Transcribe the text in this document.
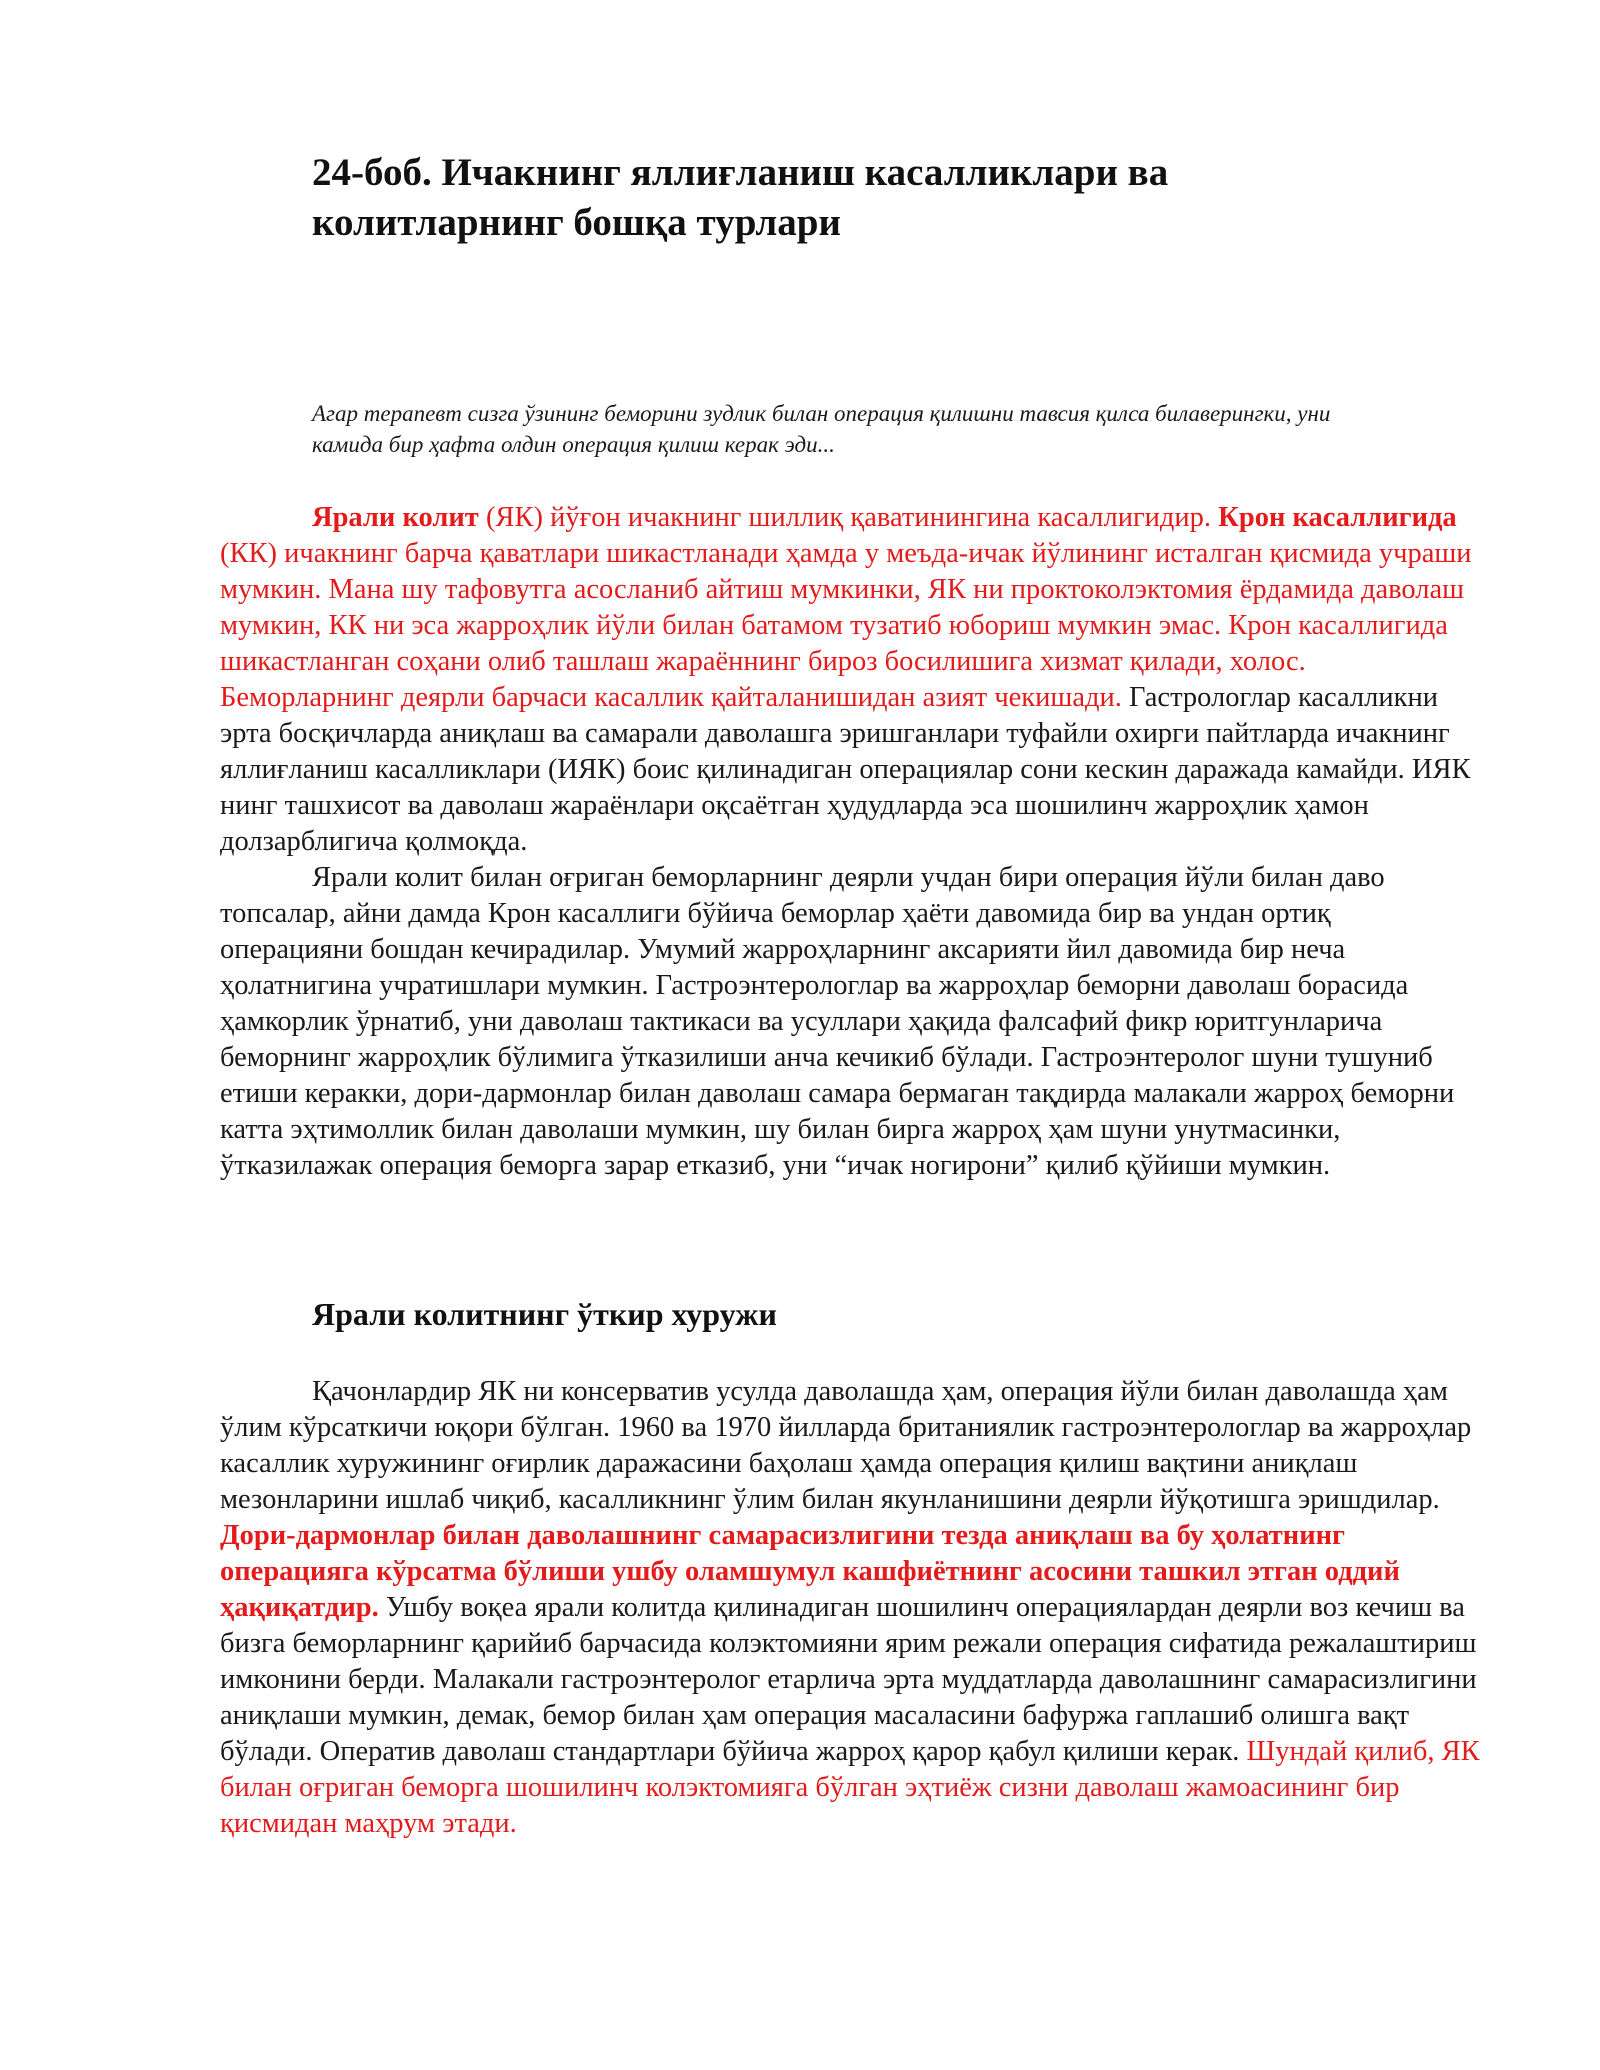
24-боб. Ичакнинг яллиғланиш касалликлари ва
колитларнинг бошқа турлари
Агар терапевт сизга ўзининг беморини зудлик билан операция қилишни тавсия қилса билаверингки, уни
камида бир ҳафта олдин операция қилиш керак эди...

Ярали колит (ЯК) йўғон ичакнинг шиллиқ қаватинингина касаллигидир. Крон касаллигида (КК) ичакнинг барча қаватлари шикастланади ҳамда у меъда-ичак йўлининг исталган қисмида учраши мумкин. Мана шу тафовутга асосланиб айтиш мумкинки, ЯК ни проктоколэктомия ёрдамида даволаш мумкин, КК ни эса жарроҳлик йўли билан батамом тузатиб юбориш мумкин эмас. Крон касаллигида шикастланган соҳани олиб ташлаш жараённинг бироз босилишига хизмат қилади, холос. Беморларнинг деярли барчаси касаллик қайталанишидан азият чекишади. Гастрологлар касалликни эрта босқичларда аниқлаш ва самарали даволашга эришганлари туфайли охирги пайтларда ичакнинг яллиғланиш касалликлари (ИЯК) боис қилинадиган операциялар сони кескин даражада камайди. ИЯК нинг ташхисот ва даволаш жараёнлари оқсаётган ҳудудларда эса шошилинч жарроҳлик ҳамон долзарблигича қолмоқда.

Ярали колит билан оғриган беморларнинг деярли учдан бири операция йўли билан даво топсалар, айни дамда Крон касаллиги бўйича беморлар ҳаёти давомида бир ва ундан ортиқ операцияни бошдан кечирадилар. Умумий жарроҳларнинг аксарияти йил давомида бир неча ҳолатнигина учратишлари мумкин. Гастроэнтерологлар ва жарроҳлар беморни даволаш борасида ҳамкорлик ўрнатиб, уни даволаш тактикаси ва усуллари ҳақида фалсафий фикр юритгунларича беморнинг жарроҳлик бўлимига ўтказилиши анча кечикиб бўлади. Гастроэнтеролог шуни тушуниб етиши керакки, дори-дармонлар билан даволаш самара бермаган тақдирда малакали жарроҳ беморни катта эҳтимоллик билан даволаши мумкин, шу билан бирга жарроҳ ҳам шуни унутмасинки, ўтказилажак операция беморга зарар етказиб, уни “ичак ногирони” қилиб қўйиши мумкин.

Ярали колитнинг ўткир хуружи

Қачонлардир ЯК ни консерватив усулда даволашда ҳам, операция йўли билан даволашда ҳам ўлим кўрсаткичи юқори бўлган. 1960 ва 1970 йилларда британиялик гастроэнтерологлар ва жарроҳлар касаллик хуружининг оғирлик даражасини баҳолаш ҳамда операция қилиш вақтини аниқлаш мезонларини ишлаб чиқиб, касалликнинг ўлим билан якунланишини деярли йўқотишга эришдилар. Дори-дармонлар билан даволашнинг самарасизлигини тезда аниқлаш ва бу ҳолатнинг операцияга кўрсатма бўлиши ушбу оламшумул кашфиётнинг асосини ташкил этган оддий ҳақиқатдир. Ушбу воқеа ярали колитда қилинадиган шошилинч операциялардан деярли воз кечиш ва бизга беморларнинг қарийиб барчасида колэктомияни ярим режали операция сифатида режалаштириш имконини берди. Малакали гастроэнтеролог етарлича эрта муддатларда даволашнинг самарасизлигини аниқлаши мумкин, демак, бемор билан ҳам операция масаласини бафуржа гаплашиб олишга вақт бўлади. Оператив даволаш стандартлари бўйича жарроҳ қарор қабул қилиши керак. Шундай қилиб, ЯК билан оғриган беморга шошилинч колэктомияга бўлган эҳтиёж сизни даволаш жамоасининг бир қисмидан маҳрум этади.
